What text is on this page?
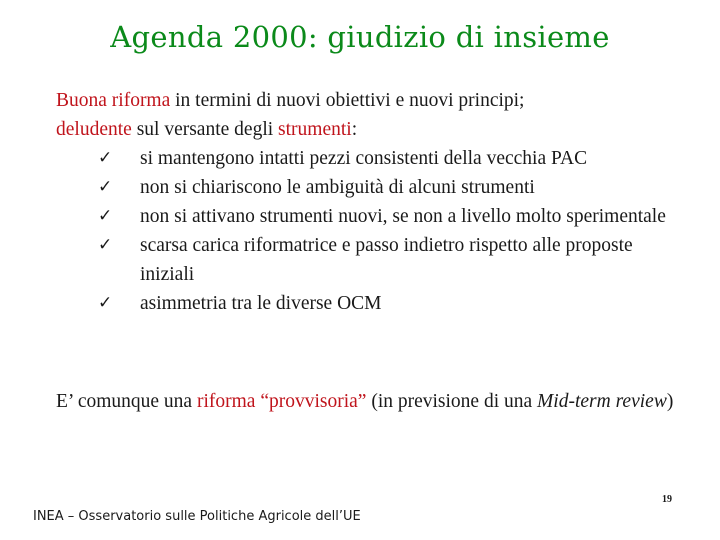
Agenda 2000: giudizio di insieme
Buona riforma in termini di nuovi obiettivi e nuovi principi;
deludente sul versante degli strumenti:
✓ si mantengono intatti pezzi consistenti della vecchia PAC
✓ non si chiariscono le ambiguità di alcuni strumenti
✓ non si attivano strumenti nuovi, se non a livello molto sperimentale
✓ scarsa carica riformatrice e passo indietro rispetto alle proposte iniziali
✓ asimmetria tra le diverse OCM
E’ comunque una riforma “provvisoria” (in previsione di una Mid-term review)
19
INEA – Osservatorio sulle Politiche Agricole dell’UE
